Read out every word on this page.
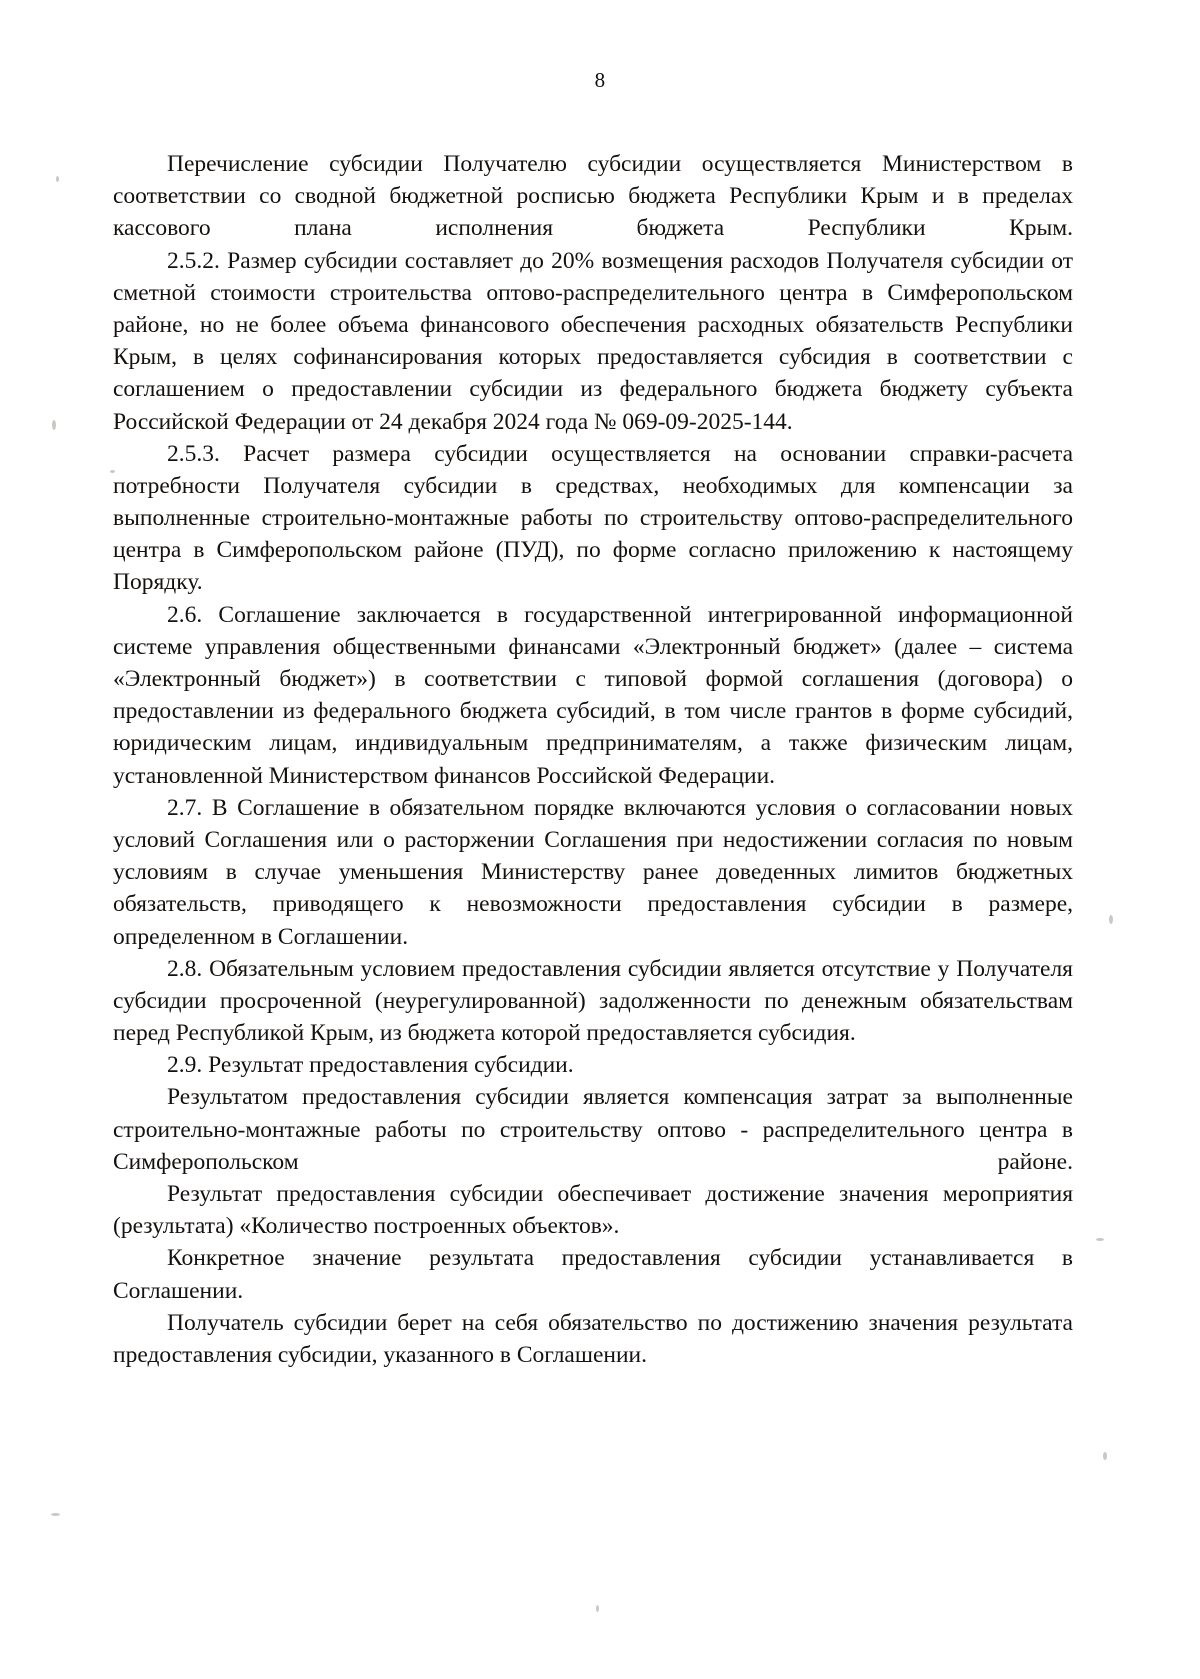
8

Перечисление субсидии Получателю субсидии осуществляется Министерством в соответствии со сводной бюджетной росписью бюджета Республики Крым и в пределах кассового плана исполнения бюджета Республики Крым.

2.5.2. Размер субсидии составляет до 20% возмещения расходов Получателя субсидии от сметной стоимости строительства оптово-распределительного центра в Симферопольском районе, но не более объема финансового обеспечения расходных обязательств Республики Крым, в целях софинансирования которых предоставляется субсидия в соответствии с соглашением о предоставлении субсидии из федерального бюджета бюджету субъекта Российской Федерации от 24 декабря 2024 года № 069-09-2025-144.

2.5.3. Расчет размера субсидии осуществляется на основании справки-расчета потребности Получателя субсидии в средствах, необходимых для компенсации за выполненные строительно-монтажные работы по строительству оптово-распределительного центра в Симферопольском районе (ПУД), по форме согласно приложению к настоящему Порядку.

2.6. Соглашение заключается в государственной интегрированной информационной системе управления общественными финансами «Электронный бюджет» (далее – система «Электронный бюджет») в соответствии с типовой формой соглашения (договора) о предоставлении из федерального бюджета субсидий, в том числе грантов в форме субсидий, юридическим лицам, индивидуальным предпринимателям, а также физическим лицам, установленной Министерством финансов Российской Федерации.

2.7. В Соглашение в обязательном порядке включаются условия о согласовании новых условий Соглашения или о расторжении Соглашения при недостижении согласия по новым условиям в случае уменьшения Министерству ранее доведенных лимитов бюджетных обязательств, приводящего к невозможности предоставления субсидии в размере, определенном в Соглашении.

2.8. Обязательным условием предоставления субсидии является отсутствие у Получателя субсидии просроченной (неурегулированной) задолженности по денежным обязательствам перед Республикой Крым, из бюджета которой предоставляется субсидия.

2.9. Результат предоставления субсидии.

Результатом предоставления субсидии является компенсация затрат за выполненные строительно-монтажные работы по строительству оптово - распределительного центра в Симферопольском районе.

Результат предоставления субсидии обеспечивает достижение значения мероприятия (результата) «Количество построенных объектов».

Конкретное значение результата предоставления субсидии устанавливается в Соглашении.

Получатель субсидии берет на себя обязательство по достижению значения результата предоставления субсидии, указанного в Соглашении.
